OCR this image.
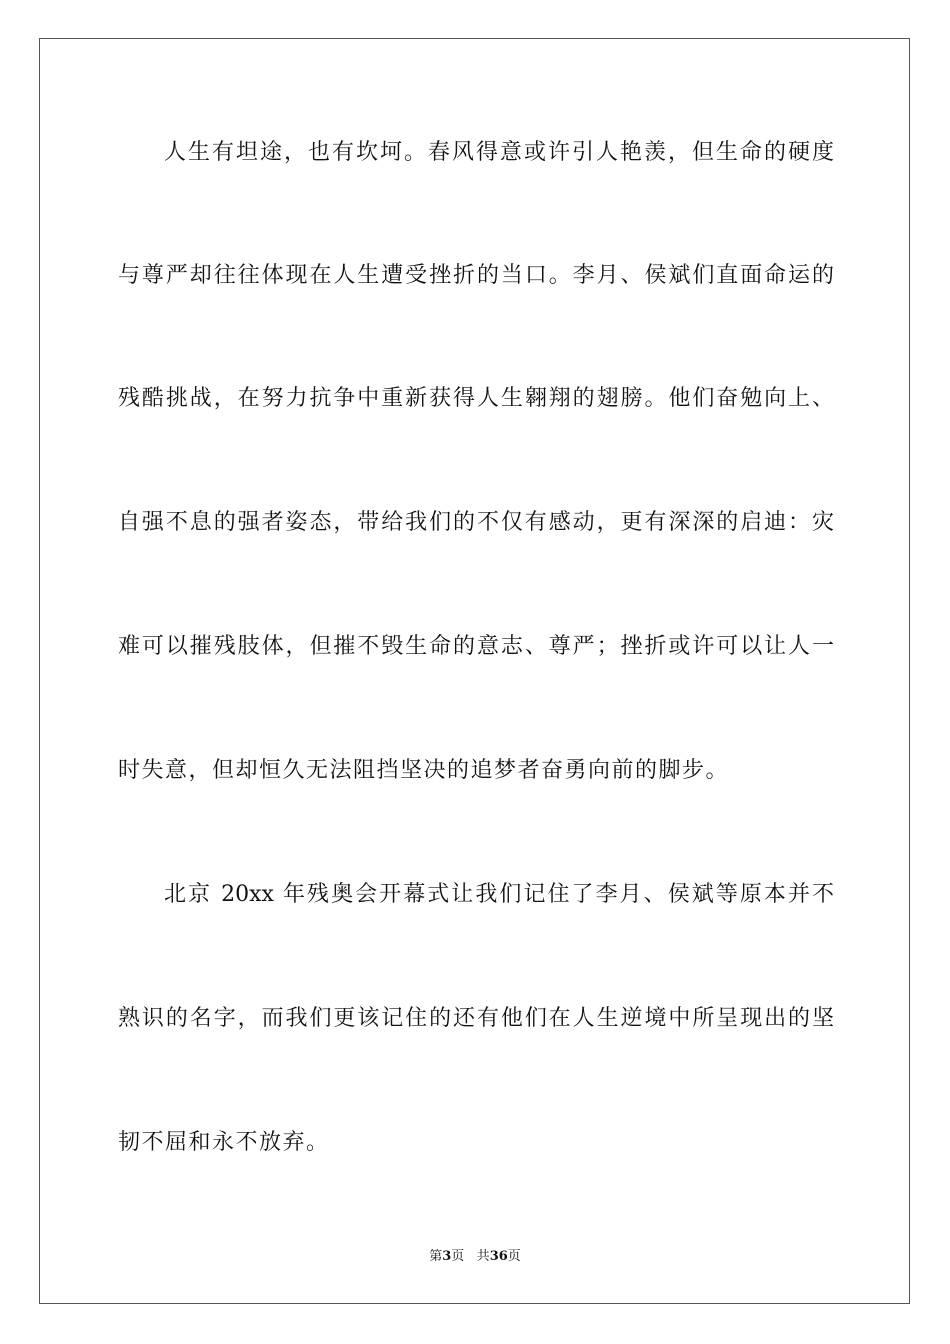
人生有坦途，也有坎坷。春风得意或许引人艳羡，但生命的硬度
与尊严却往往体现在人生遭受挫折的当口。李月、侯斌们直面命运的
残酷挑战，在努力抗争中重新获得人生翱翔的翅膀。他们奋勉向上、
自强不息的强者姿态，带给我们的不仅有感动，更有深深的启迪：灾
难可以摧残肢体，但摧不毁生命的意志、尊严；挫折或许可以让人一
时失意，但却恒久无法阻挡坚决的追梦者奋勇向前的脚步。
北京 20xx 年残奥会开幕式让我们记住了李月、侯斌等原本并不
熟识的名字，而我们更该记住的还有他们在人生逆境中所呈现出的坚
韧不屈和永不放弃。
第3页 共36页
